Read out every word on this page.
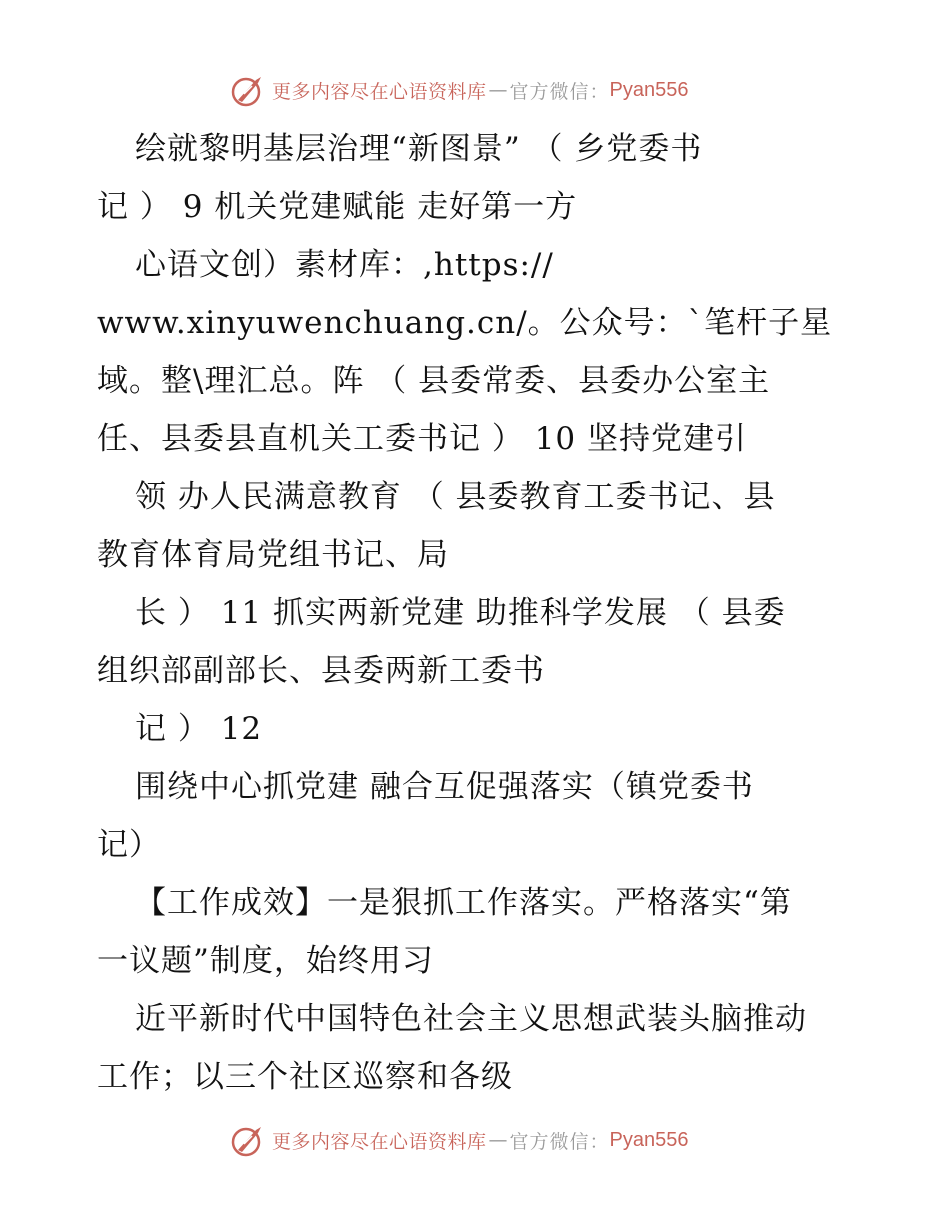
更多内容尽在心语资料库 — 官方微信： Pyan556
绘就黎明基层治理“新图景” （ 乡党委书
记 ） 9 机关党建赋能 走好第一方
心语文创）素材库：,https://
www.xinyuwenchuang.cn/。公众号：`笔杆子星
域。整\理汇总。阵 （ 县委常委、县委办公室主
任、县委县直机关工委书记 ） 10 坚持党建引
领 办人民满意教育 （ 县委教育工委书记、县
教育体育局党组书记、局
长 ） 11 抓实两新党建 助推科学发展 （ 县委
组织部副部长、县委两新工委书
记 ） 12
围绕中心抓党建 融合互促强落实（镇党委书
记）
【工作成效】一是狠抓工作落实。严格落实“第
一议题”制度，始终用习
近平新时代中国特色社会主义思想武装头脑推动
工作；以三个社区巡察和各级
更多内容尽在心语资料库 — 官方微信： Pyan556
